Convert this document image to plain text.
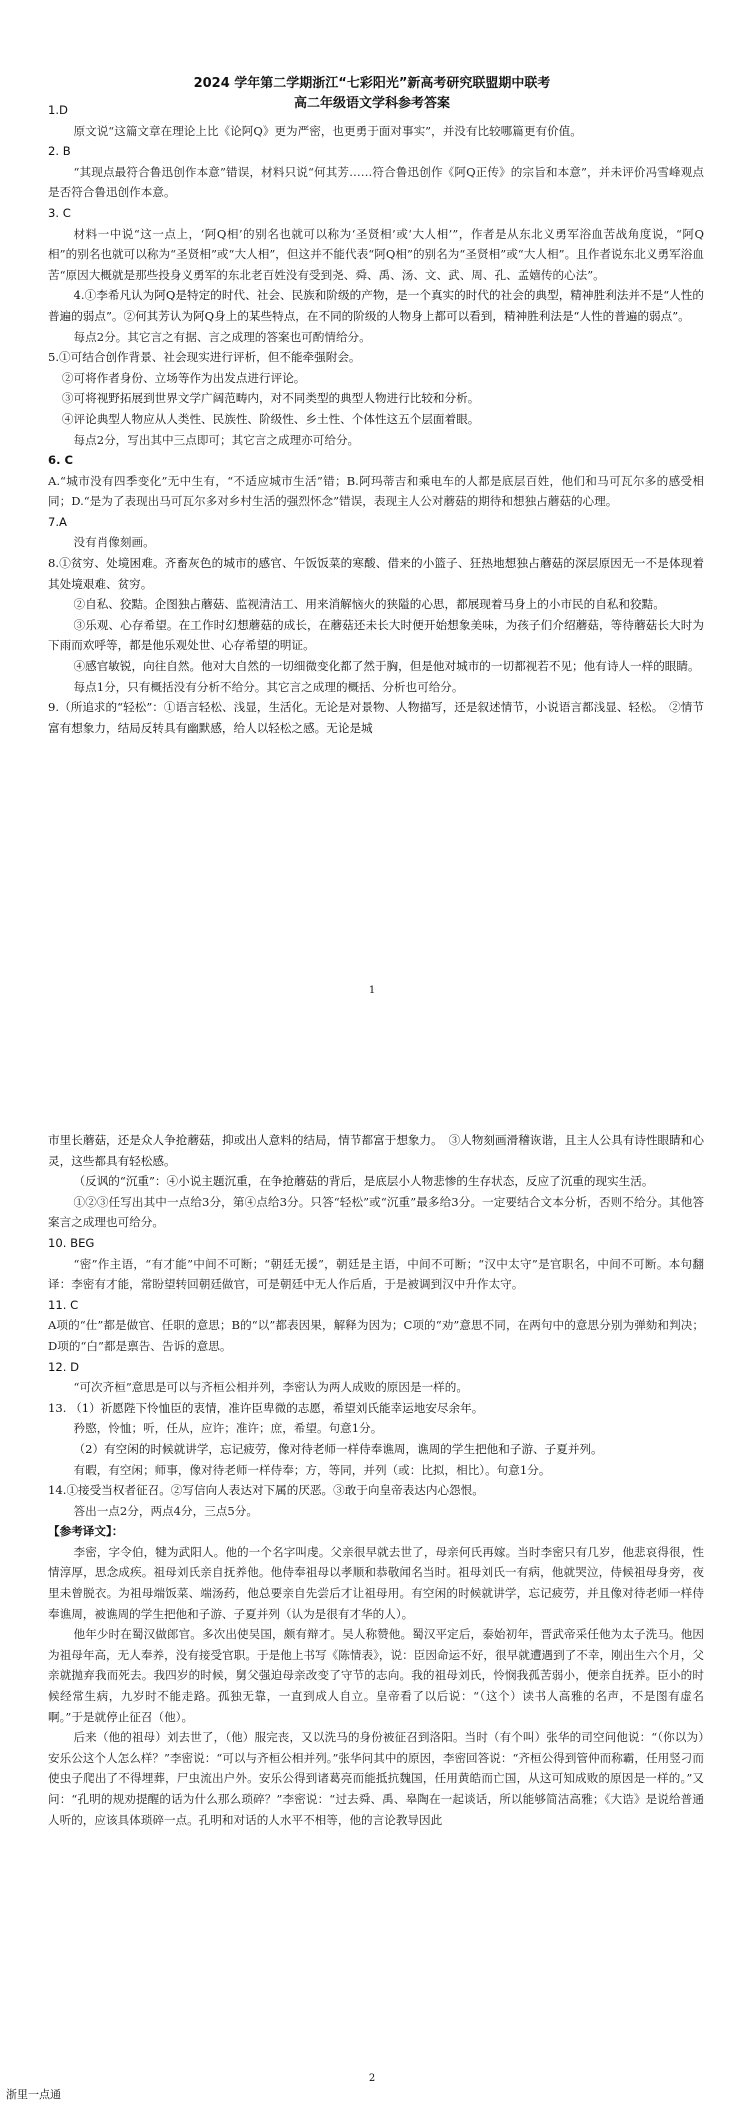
2024 学年第二学期浙江“七彩阳光”新高考研究联盟期中联考
高二年级语文学科参考答案

1.D

原文说“这篇文章在理论上比《论阿Q》更为严密，也更勇于面对事实”，并没有比较哪篇更有价值。

2. B

“其现点最符合鲁迅创作本意”错误，材料只说“何其芳……符合鲁迅创作《阿Q正传》的宗旨和本意”，并未评价冯雪峰观点是否符合鲁迅创作本意。

3. C

材料一中说“这一点上，‘阿Q相’的别名也就可以称为‘圣贤相’或‘大人相’”，作者是从东北义勇军浴血苦战角度说，“阿Q相”的别名也就可以称为“圣贤相”或“大人相”，但这并不能代表“阿Q相”的别名为“圣贤相”或“大人相”。且作者说东北义勇军浴血苦“原因大概就是那些投身义勇军的东北老百姓没有受到尧、舜、禹、汤、文、武、周、孔、孟嬉传的心法”。

4.①李希凡认为阿Q是特定的时代、社会、民族和阶级的产物，是一个真实的时代的社会的典型，精神胜利法并不是“人性的普遍的弱点”。②何其芳认为阿Q身上的某些特点，在不同的阶级的人物身上都可以看到，精神胜利法是“人性的普遍的弱点”。

每点2分。其它言之有据、言之成理的答案也可酌情给分。

5.①可结合创作背景、社会现实进行评析，但不能牵强附会。

②可将作者身份、立场等作为出发点进行评论。

③可将视野拓展到世界文学广阔范畴内，对不同类型的典型人物进行比较和分析。

④评论典型人物应从人类性、民族性、阶级性、乡土性、个体性这五个层面着眼。

每点2分，写出其中三点即可；其它言之成理亦可给分。

6. C

A.“城市没有四季变化”无中生有，“不适应城市生活”错；B.阿玛蒂吉和乘电车的人都是底层百姓，他们和马可瓦尔多的感受相同；D.“是为了表现出马可瓦尔多对乡村生活的强烈怀念”错误，表现主人公对蘑菇的期待和想独占蘑菇的心理。

7.A

没有肖像刻画。

8.①贫穷、处境困难。齐畜灰色的城市的感官、午饭饭菜的寒酸、借来的小篮子、狂热地想独占蘑菇的深层原因无一不是体现着其处境艰难、贫穷。

②自私、狡黠。企图独占蘑菇、监视清洁工、用来消解恼火的狭隘的心思，都展现着马身上的小市民的自私和狡黠。

③乐观、心存希望。在工作时幻想蘑菇的成长，在蘑菇还未长大时便开始想象美味，为孩子们介绍蘑菇，等待蘑菇长大时为下雨而欢呼等，都是他乐观处世、心存希望的明证。

④感官敏锐，向往自然。他对大自然的一切细微变化都了然于胸，但是他对城市的一切都视若不见；他有诗人一样的眼睛。

每点1分，只有概括没有分析不给分。其它言之成理的概括、分析也可给分。

9.（所追求的“轻松”：①语言轻松、浅显，生活化。无论是对景物、人物描写，还是叙述情节，小说语言都浅显、轻松。　②情节富有想象力，结局反转具有幽默感，给人以轻松之感。无论是城

1

市里长蘑菇，还是众人争抢蘑菇，抑或出人意料的结局，情节都富于想象力。　③人物刻画滑稽诙谐，且主人公具有诗性眼睛和心灵，这些都具有轻松感。

（反讽的“沉重”：④小说主题沉重，在争抢蘑菇的背后，是底层小人物悲惨的生存状态，反应了沉重的现实生活。

①②③任写出其中一点给3分，第④点给3分。只答“轻松”或“沉重”最多给3分。一定要结合文本分析，否则不给分。其他答案言之成理也可给分。

10. BEG

“密”作主语，“有才能”中间不可断；“朝廷无援”，朝廷是主语，中间不可断；“汉中太守”是官职名，中间不可断。本句翻译：李密有才能，常盼望转回朝廷做官，可是朝廷中无人作后盾，于是被调到汉中升作太守。

11. C

A项的“仕”都是做官、任职的意思；B的“以”都表因果，解释为因为；C项的“劝”意思不同，在两句中的意思分别为弹劾和判决；D项的“白”都是禀告、告诉的意思。

12. D

“可次齐桓”意思是可以与齐桓公相并列，李密认为两人成败的原因是一样的。

13. （1）祈愿陛下怜恤臣的衷情，准许臣卑微的志愿，希望刘氏能幸运地安尽余年。

矜愍，怜恤；听，任从，应许；准许；庶，希望。句意1分。

（2）有空闲的时候就讲学，忘记疲劳，像对待老师一样侍奉谯周，谯周的学生把他和子游、子夏并列。

有暇，有空闲；师事，像对待老师一样侍奉；方，等同，并列（或：比拟，相比）。句意1分。

14.①接受当权者征召。②写信向人表达对下属的厌恶。③敢于向皇帝表达内心怨恨。

答出一点2分，两点4分，三点5分。

【参考译文】：

李密，字令伯，犍为武阳人。他的一个名字叫虔。父亲很早就去世了，母亲何氏再嫁。当时李密只有几岁，他悲哀得很，性情淳厚，思念成疾。祖母刘氏亲自抚养他。他侍奉祖母以孝顺和恭敬闻名当时。祖母刘氏一有病，他就哭泣，侍候祖母身旁，夜里未曾脱衣。为祖母端饭菜、端汤药，他总要亲自先尝后才让祖母用。有空闲的时候就讲学，忘记疲劳，并且像对待老师一样侍奉谯周，被谯周的学生把他和子游、子夏并列（认为是很有才华的人）。

他年少时在蜀汉做郎官。多次出使吴国，颇有辩才。吴人称赞他。蜀汉平定后，泰始初年，晋武帝采任他为太子洗马。他因为祖母年高，无人奉养，没有接受官职。于是他上书写《陈情表》，说：臣因命运不好，很早就遭遇到了不幸，刚出生六个月，父亲就抛弃我而死去。我四岁的时候，舅父强迫母亲改变了守节的志向。我的祖母刘氏，怜悯我孤苦弱小，便亲自抚养。臣小的时候经常生病，九岁时不能走路。孤独无靠，一直到成人自立。皇帝看了以后说：“（这个）读书人高雅的名声，不是图有虚名啊。”于是就停止征召（他）。

后来（他的祖母）刘去世了，（他）服完丧，又以洗马的身份被征召到洛阳。当时（有个叫）张华的司空问他说：“（你以为）安乐公这个人怎么样？”李密说：“可以与齐桓公相并列。”张华问其中的原因，李密回答说：“齐桓公得到管仲而称霸，任用竖刁而使虫子爬出了不得埋葬，尸虫流出户外。安乐公得到诸葛亮而能抵抗魏国，任用黄皓而亡国，从这可知成败的原因是一样的。”又问：“孔明的规劝提醒的话为什么那么琐碎？”李密说：“过去舜、禹、皋陶在一起谈话，所以能够简洁高雅；《大诰》是说给普通人听的，应该具体琐碎一点。孔明和对话的人水平不相等，他的言论教导因此

2
浙里一点通
